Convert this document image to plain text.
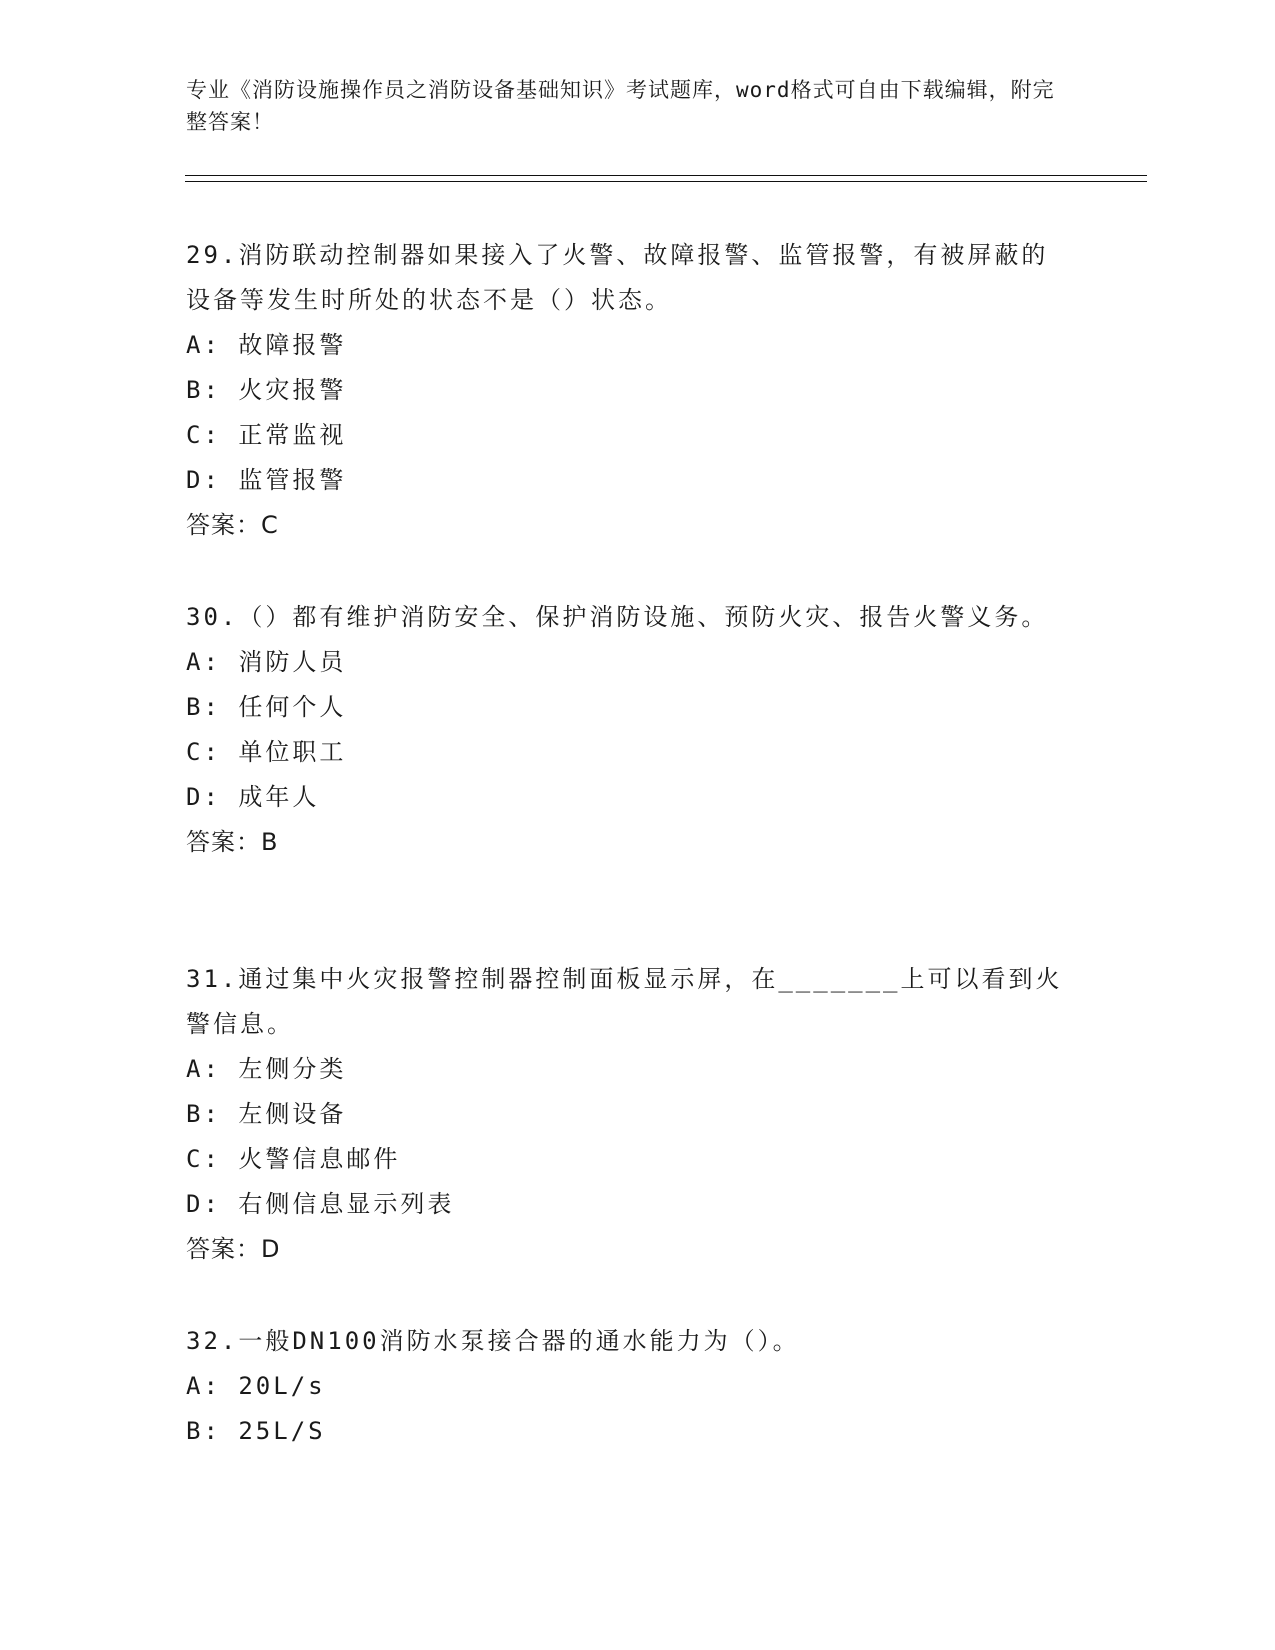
专业《消防设施操作员之消防设备基础知识》考试题库，word格式可自由下载编辑，附完整答案！
29.消防联动控制器如果接入了火警、故障报警、监管报警，有被屏蔽的设备等发生时所处的状态不是（）状态。
A: 故障报警
B: 火灾报警
C: 正常监视
D: 监管报警
答案：C
30.（）都有维护消防安全、保护消防设施、预防火灾、报告火警义务。
A: 消防人员
B: 任何个人
C: 单位职工
D: 成年人
答案：B
31.通过集中火灾报警控制器控制面板显示屏，在_______上可以看到火警信息。
A: 左侧分类
B: 左侧设备
C: 火警信息邮件
D: 右侧信息显示列表
答案：D
32.一般DN100消防水泵接合器的通水能力为（）。
A: 20L/s
B: 25L/S
